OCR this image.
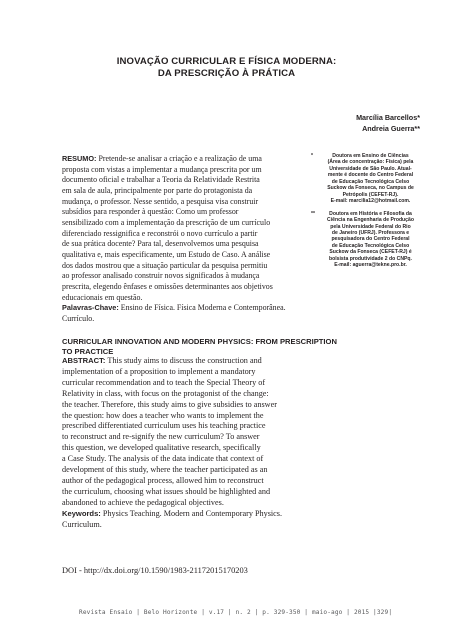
INOVAÇÃO CURRICULAR E FÍSICA MODERNA:
DA PRESCRIÇÃO À PRÁTICA
Marcília Barcellos*
Andreia Guerra**
*	Doutora em Ensino de Ciências
(Área de concentração: Física) pela
Universidade de São Paulo. Atual-
mente é docente do Centro Federal
de Educação Tecnológica Celso
Suckow da Fonseca, no Campus de
Petrópolis (CEFET-RJ).
E-mail: marcilia12@hotmail.com.
**	Doutora em História e Filosofia da
Ciência na Engenharia de Produção
pela Universidade Federal do Rio
de Janeiro (UFRJ). Professora e
pesquisadora do Centro Federal
de Educação Tecnológica Celso
Suckow da Fonseca (CEFET-RJ) é
bolsista produtividade 2 do CNPq.
E-mail: aguerra@tekne.pro.br.
RESUMO: Pretende-se analisar a criação e a realização de uma
proposta com vistas a implementar a mudança prescrita por um
documento oficial e trabalhar a Teoria da Relatividade Restrita
em sala de aula, principalmente por parte do protagonista da
mudança, o professor. Nesse sentido, a pesquisa visa construir
subsídios para responder à questão: Como um professor
sensibilizado com a implementação da prescrição de um currículo
diferenciado ressignifica e reconstrói o novo currículo a partir
de sua prática docente? Para tal, desenvolvemos uma pesquisa
qualitativa e, mais especificamente, um Estudo de Caso. A análise
dos dados mostrou que a situação particular da pesquisa permitiu
ao professor analisado construir novos significados à mudança
prescrita, elegendo ênfases e omissões determinantes aos objetivos
educacionais em questão.
Palavras-Chave: Ensino de Física. Física Moderna e Contemporânea.
Currículo.
CURRICULAR INNOVATION AND MODERN PHYSICS: FROM PRESCRIPTION
TO PRACTICE
ABSTRACT: This study aims to discuss the construction and
implementation of a proposition to implement a mandatory
curricular recommendation and to teach the Special Theory of
Relativity in class, with focus on the protagonist of the change:
the teacher. Therefore, this study aims to give subsidies to answer
the question: how does a teacher who wants to implement the
prescribed differentiated curriculum uses his teaching practice
to reconstruct and re-signify the new curriculum? To answer
this question, we developed qualitative research, specifically
a Case Study. The analysis of the data indicate that context of
development of this study, where the teacher participated as an
author of the pedagogical process, allowed him to reconstruct
the curriculum, choosing what issues should be highlighted and
abandoned to achieve the pedagogical objectives.
Keywords: Physics Teaching. Modern and Contemporary Physics.
Curriculum.
DOI - http://dx.doi.org/10.1590/1983-21172015170203
Revista Ensaio | Belo Horizonte | v.17 | n. 2 | p. 329-350 | maio-ago | 2015 |329|
